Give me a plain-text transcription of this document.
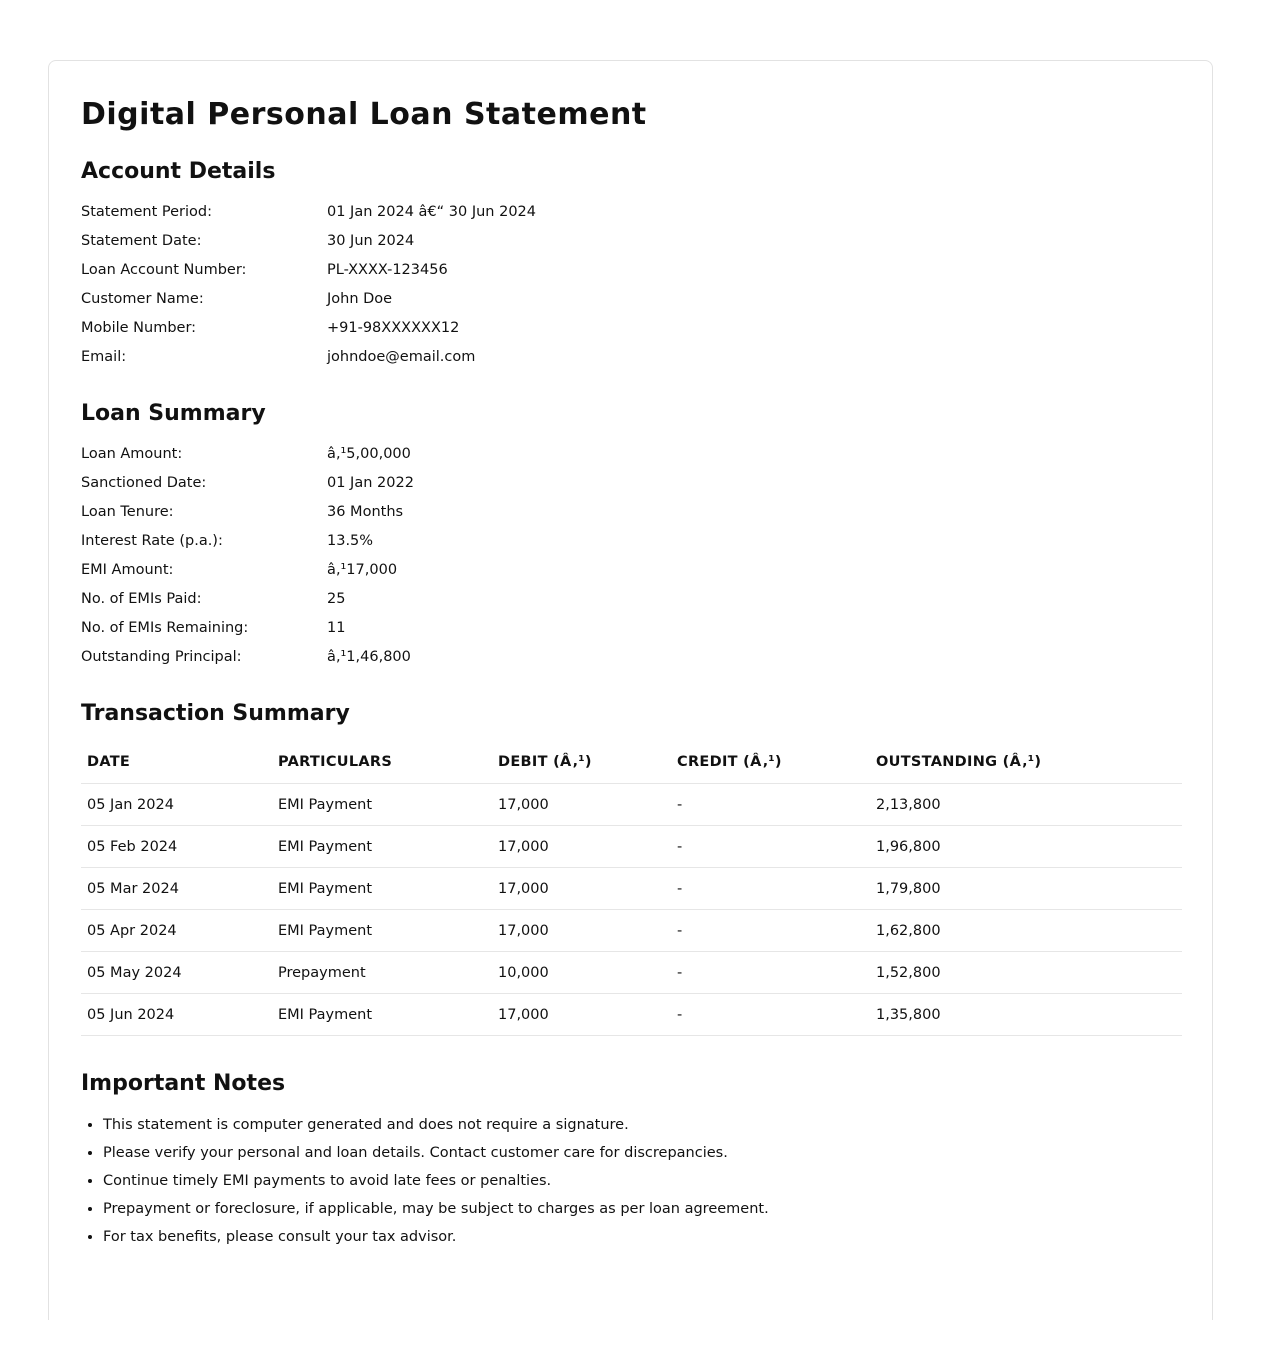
Digital Personal Loan Statement
Account Details
Statement Period:	01 Jan 2024 â€“ 30 Jun 2024
Statement Date:	30 Jun 2024
Loan Account Number:	PL-XXXX-123456
Customer Name:	John Doe
Mobile Number:	+91-98XXXXXX12
Email:	johndoe@email.com
Loan Summary
Loan Amount:	â‚¹5,00,000
Sanctioned Date:	01 Jan 2022
Loan Tenure:	36 Months
Interest Rate (p.a.):	13.5%
EMI Amount:	â‚¹17,000
No. of EMIs Paid:	25
No. of EMIs Remaining:	11
Outstanding Principal:	â‚¹1,46,800
Transaction Summary
DATE	PARTICULARS	DEBIT (Â‚¹)	CREDIT (Â‚¹)	OUTSTANDING (Â‚¹)
05 Jan 2024	EMI Payment	17,000	-	2,13,800
05 Feb 2024	EMI Payment	17,000	-	1,96,800
05 Mar 2024	EMI Payment	17,000	-	1,79,800
05 Apr 2024	EMI Payment	17,000	-	1,62,800
05 May 2024	Prepayment	10,000	-	1,52,800
05 Jun 2024	EMI Payment	17,000	-	1,35,800
Important Notes
• This statement is computer generated and does not require a signature.
• Please verify your personal and loan details. Contact customer care for discrepancies.
• Continue timely EMI payments to avoid late fees or penalties.
• Prepayment or foreclosure, if applicable, may be subject to charges as per loan agreement.
• For tax benefits, please consult your tax advisor.
